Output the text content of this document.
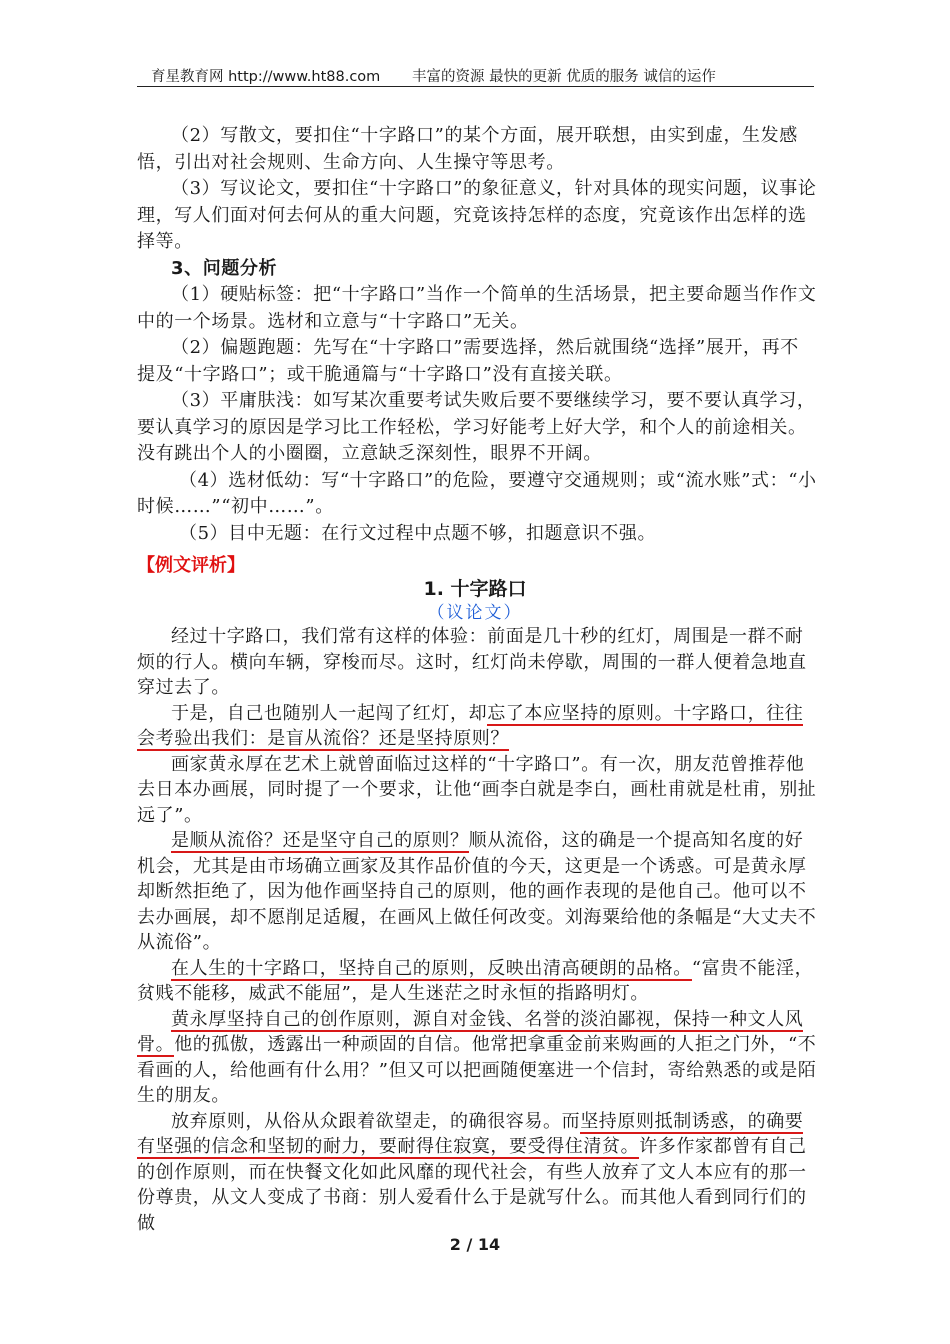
育星教育网 http://www.ht88.com 丰富的资源 最快的更新 优质的服务 诚信的运作

（2）写散文，要扣住“十字路口”的某个方面，展开联想，由实到虚，生发感悟，引出对社会规则、生命方向、人生操守等思考。

（3）写议论文，要扣住“十字路口”的象征意义，针对具体的现实问题，议事论理，写人们面对何去何从的重大问题，究竟该持怎样的态度，究竟该作出怎样的选择等。

3、问题分析

（1）硬贴标签：把“十字路口”当作一个简单的生活场景，把主要命题当作作文中的一个场景。选材和立意与“十字路口”无关。

（2）偏题跑题：先写在“十字路口”需要选择，然后就围绕“选择”展开，再不提及“十字路口”；或干脆通篇与“十字路口”没有直接关联。

（3）平庸肤浅：如写某次重要考试失败后要不要继续学习，要不要认真学习，要认真学习的原因是学习比工作轻松，学习好能考上好大学，和个人的前途相关。没有跳出个人的小圈圈，立意缺乏深刻性，眼界不开阔。

（4）选材低幼：写“十字路口”的危险，要遵守交通规则；或“流水账”式：“小时候……”“初中……”。

（5）目中无题：在行文过程中点题不够，扣题意识不强。

【例文评析】
1. 十字路口
（议论文）

经过十字路口，我们常有这样的体验：前面是几十秒的红灯，周围是一群不耐烦的行人。横向车辆，穿梭而尽。这时，红灯尚未停歇，周围的一群人便着急地直穿过去了。

于是，自己也随别人一起闯了红灯，却忘了本应坚持的原则。十字路口，往往会考验出我们：是盲从流俗？还是坚持原则？

画家黄永厚在艺术上就曾面临过这样的“十字路口”。有一次，朋友范曾推荐他去日本办画展，同时提了一个要求，让他“画李白就是李白，画杜甫就是杜甫，别扯远了”。

是顺从流俗？还是坚守自己的原则？顺从流俗，这的确是一个提高知名度的好机会，尤其是由市场确立画家及其作品价值的今天，这更是一个诱惑。可是黄永厚却断然拒绝了，因为他作画坚持自己的原则，他的画作表现的是他自己。他可以不去办画展，却不愿削足适履，在画风上做任何改变。刘海粟给他的条幅是“大丈夫不从流俗”。

在人生的十字路口，坚持自己的原则，反映出清高硬朗的品格。“富贵不能淫，贫贱不能移，威武不能屈”，是人生迷茫之时永恒的指路明灯。

黄永厚坚持自己的创作原则，源自对金钱、名誉的淡泊鄙视，保持一种文人风骨。他的孤傲，透露出一种顽固的自信。他常把拿重金前来购画的人拒之门外，“不看画的人，给他画有什么用？”但又可以把画随便塞进一个信封，寄给熟悉的或是陌生的朋友。

放弃原则，从俗从众跟着欲望走，的确很容易。而坚持原则抵制诱惑，的确要有坚强的信念和坚韧的耐力，要耐得住寂寞，要受得住清贫。许多作家都曾有自己的创作原则，而在快餐文化如此风靡的现代社会，有些人放弃了文人本应有的那一份尊贵，从文人变成了书商：别人爱看什么于是就写什么。而其他人看到同行们的做

2 / 14
